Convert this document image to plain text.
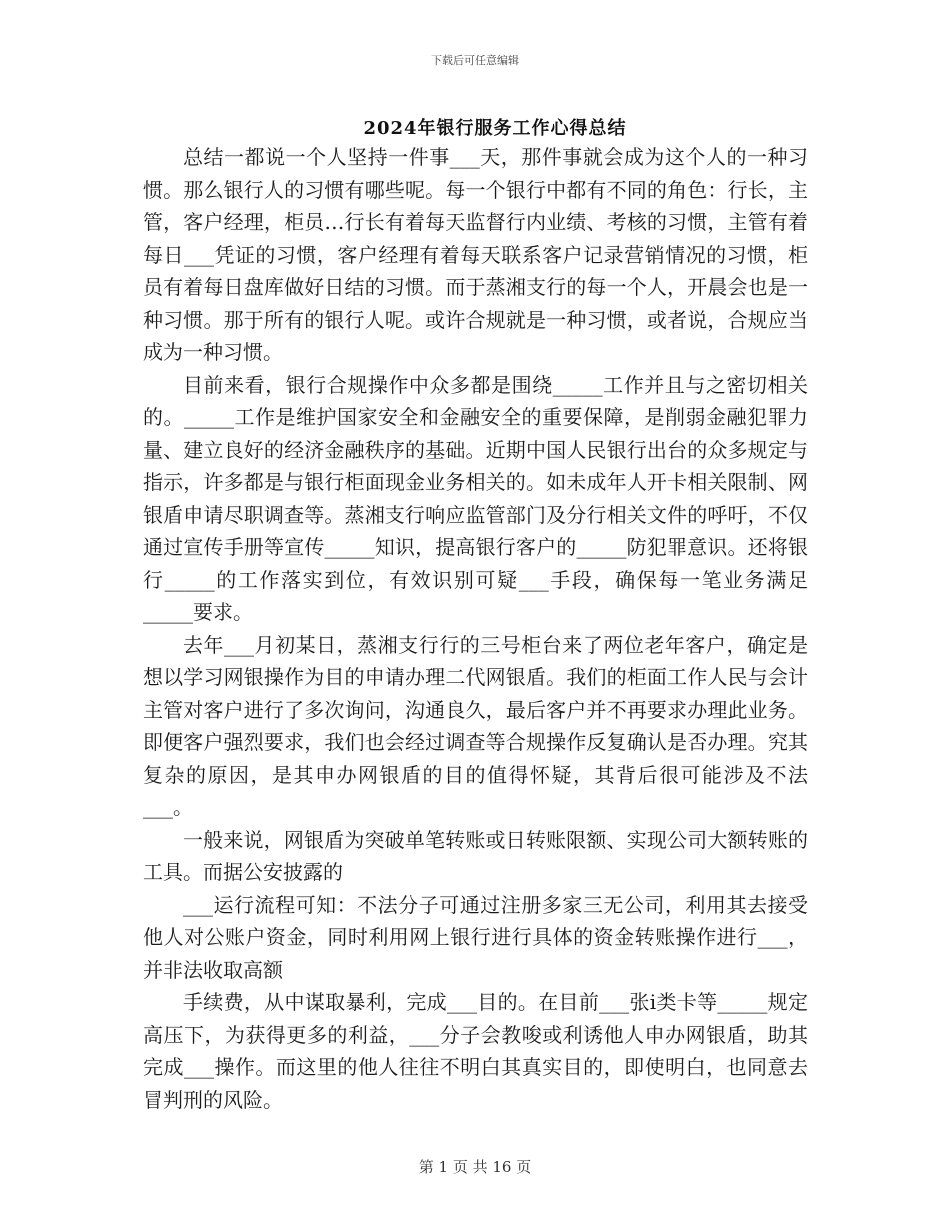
下载后可任意编辑
2024年银行服务工作心得总结

总结一都说一个人坚持一件事___天，那件事就会成为这个人的一种习惯。那么银行人的习惯有哪些呢。每一个银行中都有不同的角色：行长，主管，客户经理，柜员…行长有着每天监督行内业绩、考核的习惯，主管有着每日___凭证的习惯，客户经理有着每天联系客户记录营销情况的习惯，柜员有着每日盘库做好日结的习惯。而于蒸湘支行的每一个人，开晨会也是一种习惯。那于所有的银行人呢。或许合规就是一种习惯，或者说，合规应当成为一种习惯。

目前来看，银行合规操作中众多都是围绕_____工作并且与之密切相关的。_____工作是维护国家安全和金融安全的重要保障，是削弱金融犯罪力量、建立良好的经济金融秩序的基础。近期中国人民银行出台的众多规定与指示，许多都是与银行柜面现金业务相关的。如未成年人开卡相关限制、网银盾申请尽职调查等。蒸湘支行响应监管部门及分行相关文件的呼吁，不仅通过宣传手册等宣传_____知识，提高银行客户的_____防犯罪意识。还将银行_____的工作落实到位，有效识别可疑___手段，确保每一笔业务满足_____要求。

去年___月初某日，蒸湘支行行的三号柜台来了两位老年客户，确定是想以学习网银操作为目的申请办理二代网银盾。我们的柜面工作人民与会计主管对客户进行了多次询问，沟通良久，最后客户并不再要求办理此业务。即便客户强烈要求，我们也会经过调查等合规操作反复确认是否办理。究其复杂的原因，是其申办网银盾的目的值得怀疑，其背后很可能涉及不法___。

一般来说，网银盾为突破单笔转账或日转账限额、实现公司大额转账的工具。而据公安披露的

___运行流程可知：不法分子可通过注册多家三无公司，利用其去接受他人对公账户资金，同时利用网上银行进行具体的资金转账操作进行___，并非法收取高额

手续费，从中谋取暴利，完成___目的。在目前___张i类卡等_____规定高压下，为获得更多的利益，___分子会教唆或利诱他人申办网银盾，助其完成___操作。而这里的他人往往不明白其真实目的，即使明白，也同意去冒判刑的风险。

第 1 页 共 16 页
